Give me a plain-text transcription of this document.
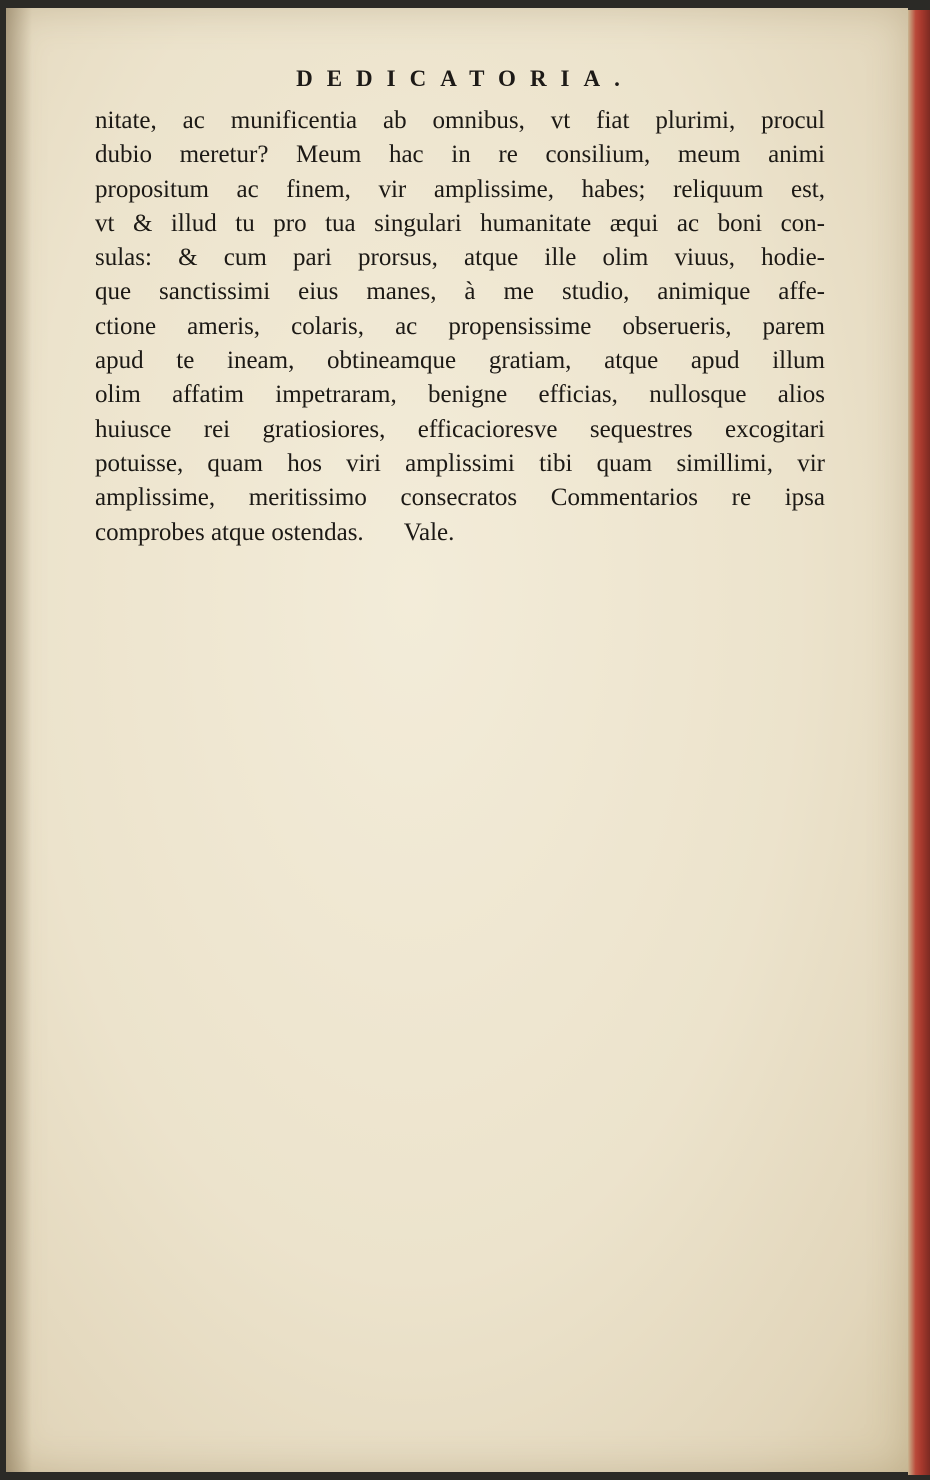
DEDICATORIA.
nitate, ac munificentia ab omnibus, vt fiat plurimi, procul
dubio meretur? Meum hac in re consilium, meum animi
propositum ac finem, vir amplissime, habes; reliquum est,
vt & illud tu pro tua singulari humanitate æqui ac boni con-
sulas: & cum pari prorsus, atque ille olim viuus, hodie-
que sanctissimi eius manes, à me studio, animique affe-
ctione ameris, colaris, ac propensissime obserueris, parem
apud te ineam, obtineamque gratiam, atque apud illum
olim affatim impetraram, benigne efficias, nullosque alios
huiusce rei gratiosiores, efficacioresve sequestres excogitari
potuisse, quam hos viri amplissimi tibi quam simillimi, vir
amplissime, meritissimo consecratos Commentarios re ipsa
comprobes atque ostendas. Vale.
